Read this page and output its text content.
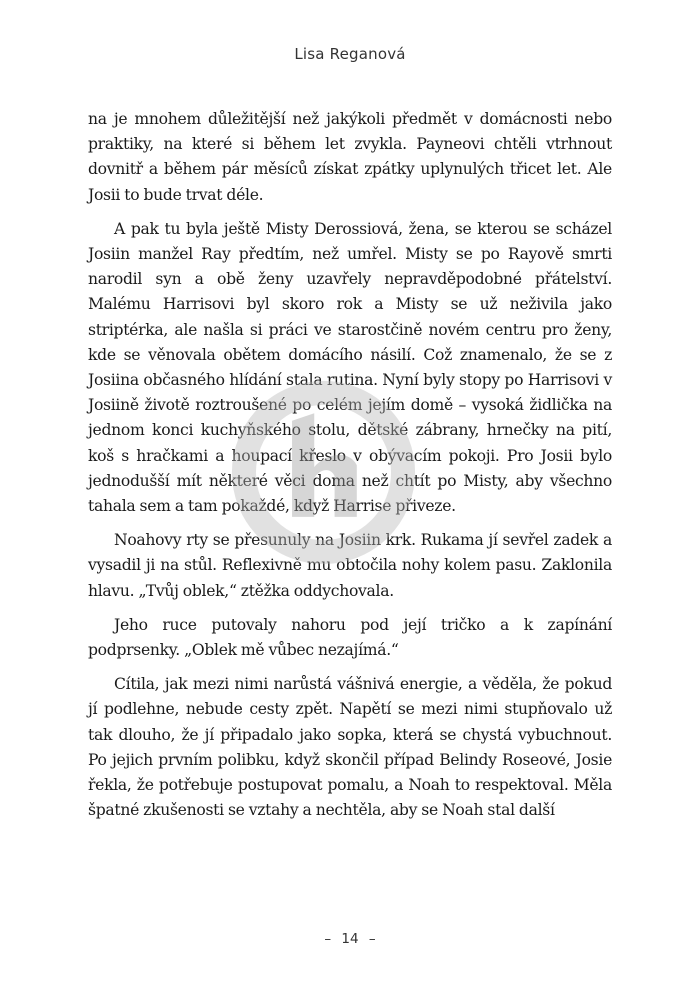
Lisa Reganová

na je mnohem důležitější než jakýkoli předmět v domácnosti nebo praktiky, na které si během let zvykla. Payneovi chtěli vtrhnout dovnitř a během pár měsíců získat zpátky uplynulých třicet let. Ale Josii to bude trvat déle.

A pak tu byla ještě Misty Derossiová, žena, se kterou se scházel Josiin manžel Ray předtím, než umřel. Misty se po Rayově smrti narodil syn a obě ženy uzavřely nepravděpodobné přátelství. Malému Harrisovi byl skoro rok a Misty se už neživila jako striptérka, ale našla si práci ve starostčině novém centru pro ženy, kde se věnovala obětem domácího násilí. Což znamenalo, že se z Josiina občasného hlídání stala rutina. Nyní byly stopy po Harrisovi v Josiině životě roztroušené po celém jejím domě – vysoká židlička na jednom konci kuchyňského stolu, dětské zábrany, hrnečky na pití, koš s hračkami a houpací křeslo v obývacím pokoji. Pro Josii bylo jednodušší mít některé věci doma než chtít po Misty, aby všechno tahala sem a tam pokaždé, když Harrise přiveze.

Noahovy rty se přesunuly na Josiin krk. Rukama jí sevřel zadek a vysadil ji na stůl. Reflexivně mu obtočila nohy kolem pasu. Zaklonila hlavu. „Tvůj oblek,“ ztěžka oddychovala.

Jeho ruce putovaly nahoru pod její tričko a k zapínání podprsenky. „Oblek mě vůbec nezajímá.“

Cítila, jak mezi nimi narůstá vášnivá energie, a věděla, že pokud jí podlehne, nebude cesty zpět. Napětí se mezi nimi stupňovalo už tak dlouho, že jí připadalo jako sopka, která se chystá vybuchnout. Po jejich prvním polibku, když skončil případ Belindy Roseové, Josie řekla, že potřebuje postupovat pomalu, a Noah to respektoval. Měla špatné zkušenosti se vztahy a nechtěla, aby se Noah stal další

– 14 –
